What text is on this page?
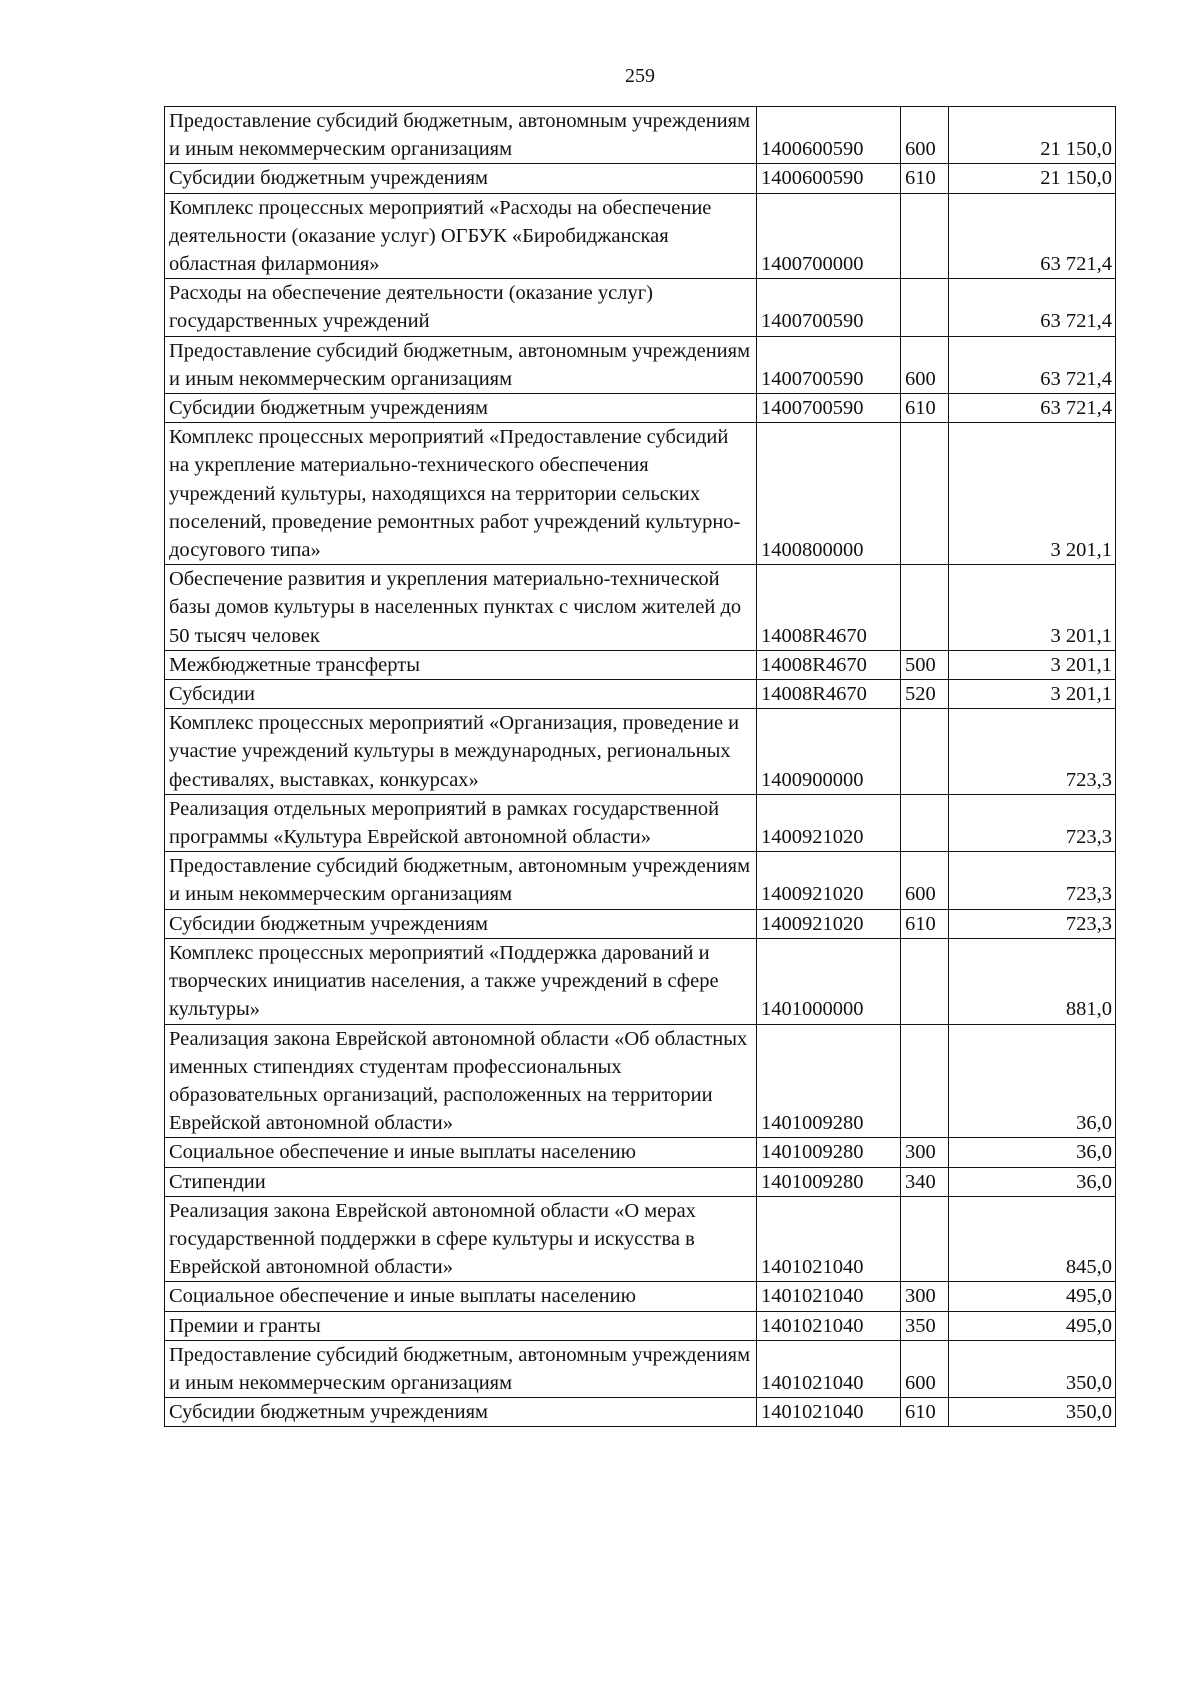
259
Предоставление субсидий бюджетным, автономным учреждениям и иным некоммерческим организациям	1400600590	600	21 150,0
Субсидии бюджетным учреждениям	1400600590	610	21 150,0
Комплекс процессных мероприятий «Расходы на обеспечение деятельности (оказание услуг) ОГБУК «Биробиджанская областная филармония»	1400700000		63 721,4
Расходы на обеспечение деятельности (оказание услуг) государственных учреждений	1400700590		63 721,4
Предоставление субсидий бюджетным, автономным учреждениям и иным некоммерческим организациям	1400700590	600	63 721,4
Субсидии бюджетным учреждениям	1400700590	610	63 721,4
Комплекс процессных мероприятий «Предоставление субсидий на укрепление материально-технического обеспечения учреждений культуры, находящихся на территории сельских поселений, проведение ремонтных работ учреждений культурно-досугового типа»	1400800000		3 201,1
Обеспечение развития и укрепления материально-технической базы домов культуры в населенных пунктах с числом жителей до 50 тысяч человек	14008R4670		3 201,1
Межбюджетные трансферты	14008R4670	500	3 201,1
Субсидии	14008R4670	520	3 201,1
Комплекс процессных мероприятий «Организация, проведение и участие учреждений культуры в международных, региональных фестивалях, выставках, конкурсах»	1400900000		723,3
Реализация отдельных мероприятий в рамках государственной программы «Культура Еврейской автономной области»	1400921020		723,3
Предоставление субсидий бюджетным, автономным учреждениям и иным некоммерческим организациям	1400921020	600	723,3
Субсидии бюджетным учреждениям	1400921020	610	723,3
Комплекс процессных мероприятий «Поддержка дарований и творческих инициатив населения, а также учреждений в сфере культуры»	1401000000		881,0
Реализация закона Еврейской автономной области «Об областных именных стипендиях студентам профессиональных образовательных организаций, расположенных на территории Еврейской автономной области»	1401009280		36,0
Социальное обеспечение и иные выплаты населению	1401009280	300	36,0
Стипендии	1401009280	340	36,0
Реализация закона Еврейской автономной области «О мерах государственной поддержки в сфере культуры и искусства в Еврейской автономной области»	1401021040		845,0
Социальное обеспечение и иные выплаты населению	1401021040	300	495,0
Премии и гранты	1401021040	350	495,0
Предоставление субсидий бюджетным, автономным учреждениям и иным некоммерческим организациям	1401021040	600	350,0
Субсидии бюджетным учреждениям	1401021040	610	350,0
